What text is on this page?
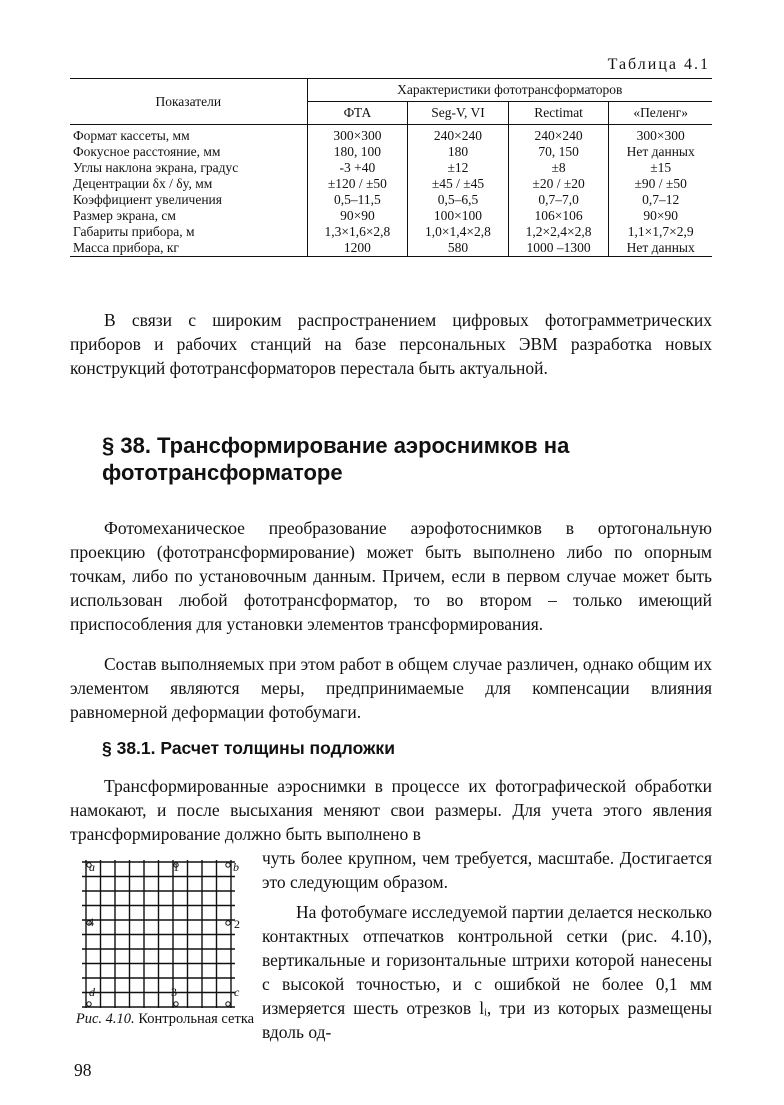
Таблица 4.1
Показатели	Характеристики фототрансформаторов			
	ФТА	Seg-V, VI	Rectimat	«Пеленг»
Формат кассеты, мм	300×300	240×240	240×240	300×300
Фокусное расстояние, мм	180, 100	180	70, 150	Нет данных
Углы наклона экрана, градус	-3 +40	±12	±8	±15
Децентрации δx / δy, мм	±120 / ±50	±45 / ±45	±20 / ±20	±90 / ±50
Коэффициент увеличения	0,5–11,5	0,5–6,5	0,7–7,0	0,7–12
Размер экрана, см	90×90	100×100	106×106	90×90
Габариты прибора, м	1,3×1,6×2,8	1,0×1,4×2,8	1,2×2,4×2,8	1,1×1,7×2,9
Масса прибора, кг	1200	580	1000 –1300	Нет данных

В связи с широким распространением цифровых фотограмметрических приборов и рабочих станций на базе персональных ЭВМ разработка новых конструкций фототрансформаторов перестала быть актуальной.

§ 38. Трансформирование аэроснимков на фототрансформаторе

Фотомеханическое преобразование аэрофотоснимков в ортогональную проекцию (фототрансформирование) может быть выполнено либо по опорным точкам, либо по установочным данным. Причем, если в первом случае может быть использован любой фототрансформатор, то во втором – только имеющий приспособления для установки элементов трансформирования.

Состав выполняемых при этом работ в общем случае различен, однако общим их элементом являются меры, предпринимаемые для компенсации влияния равномерной деформации фотобумаги.

§ 38.1. Расчет толщины подложки

Трансформированные аэроснимки в процессе их фотографической обработки намокают, и после высыхания меняют свои размеры. Для учета этого явления трансформирование должно быть выполнено в

чуть более крупном, чем требуется, масштабе. Достигается это следующим образом.

На фотобумаге исследуемой партии делается несколько контактных отпечатков контрольной сетки (рис. 4.10), вертикальные и горизонтальные штрихи которой нанесены с высокой точностью, и с ошибкой не более 0,1 мм измеряется шесть отрезков lᵢ, три из которых размещены вдоль од-

a	1	b
4	2
d	3	c
Рис. 4.10. Контрольная сетка
98
